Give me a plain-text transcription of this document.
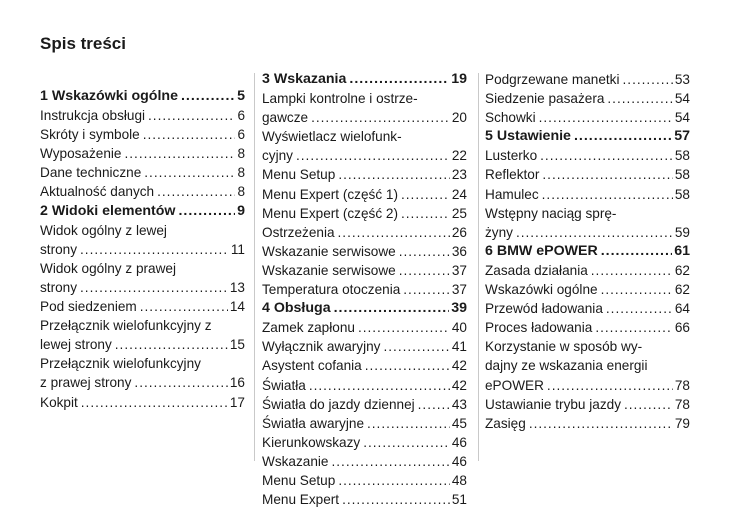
Spis treści
1 Wskazówki ogólne .....	5
Instrukcja obsługi .....	6
Skróty i symbole .....	6
Wyposażenie .....	8
Dane techniczne .....	8
Aktualność danych .....	8
2 Widoki elementów .....	9
Widok ogólny z lewej
strony .....	11
Widok ogólny z prawej
strony .....	13
Pod siedzeniem .....	14
Przełącznik wielofunkcyjny z
lewej strony .....	15
Przełącznik wielofunkcyjny
z prawej strony .....	16
Kokpit .....	17
3 Wskazania .....	19
Lampki kontrolne i ostrze-
gawcze .....	20
Wyświetlacz wielofunk-
cyjny .....	22
Menu Setup .....	23
Menu Expert (część 1) .....	24
Menu Expert (część 2) .....	25
Ostrzeżenia .....	26
Wskazanie serwisowe .....	36
Wskazanie serwisowe .....	37
Temperatura otoczenia .....	37
4 Obsługa .....	39
Zamek zapłonu .....	40
Wyłącznik awaryjny .....	41
Asystent cofania .....	42
Światła .....	42
Światła do jazdy dziennej .....	43
Światła awaryjne .....	45
Kierunkowskazy .....	46
Wskazanie .....	46
Menu Setup .....	48
Menu Expert .....	51
Podgrzewane manetki .....	53
Siedzenie pasażera .....	54
Schowki .....	54
5 Ustawienie .....	57
Lusterko .....	58
Reflektor .....	58
Hamulec .....	58
Wstępny naciąg sprę-
żyny .....	59
6 BMW ePOWER .....	61
Zasada działania .....	62
Wskazówki ogólne .....	62
Przewód ładowania .....	64
Proces ładowania .....	66
Korzystanie w sposób wy-
dajny ze wskazania energii
ePOWER .....	78
Ustawianie trybu jazdy .....	78
Zasięg .....	79
